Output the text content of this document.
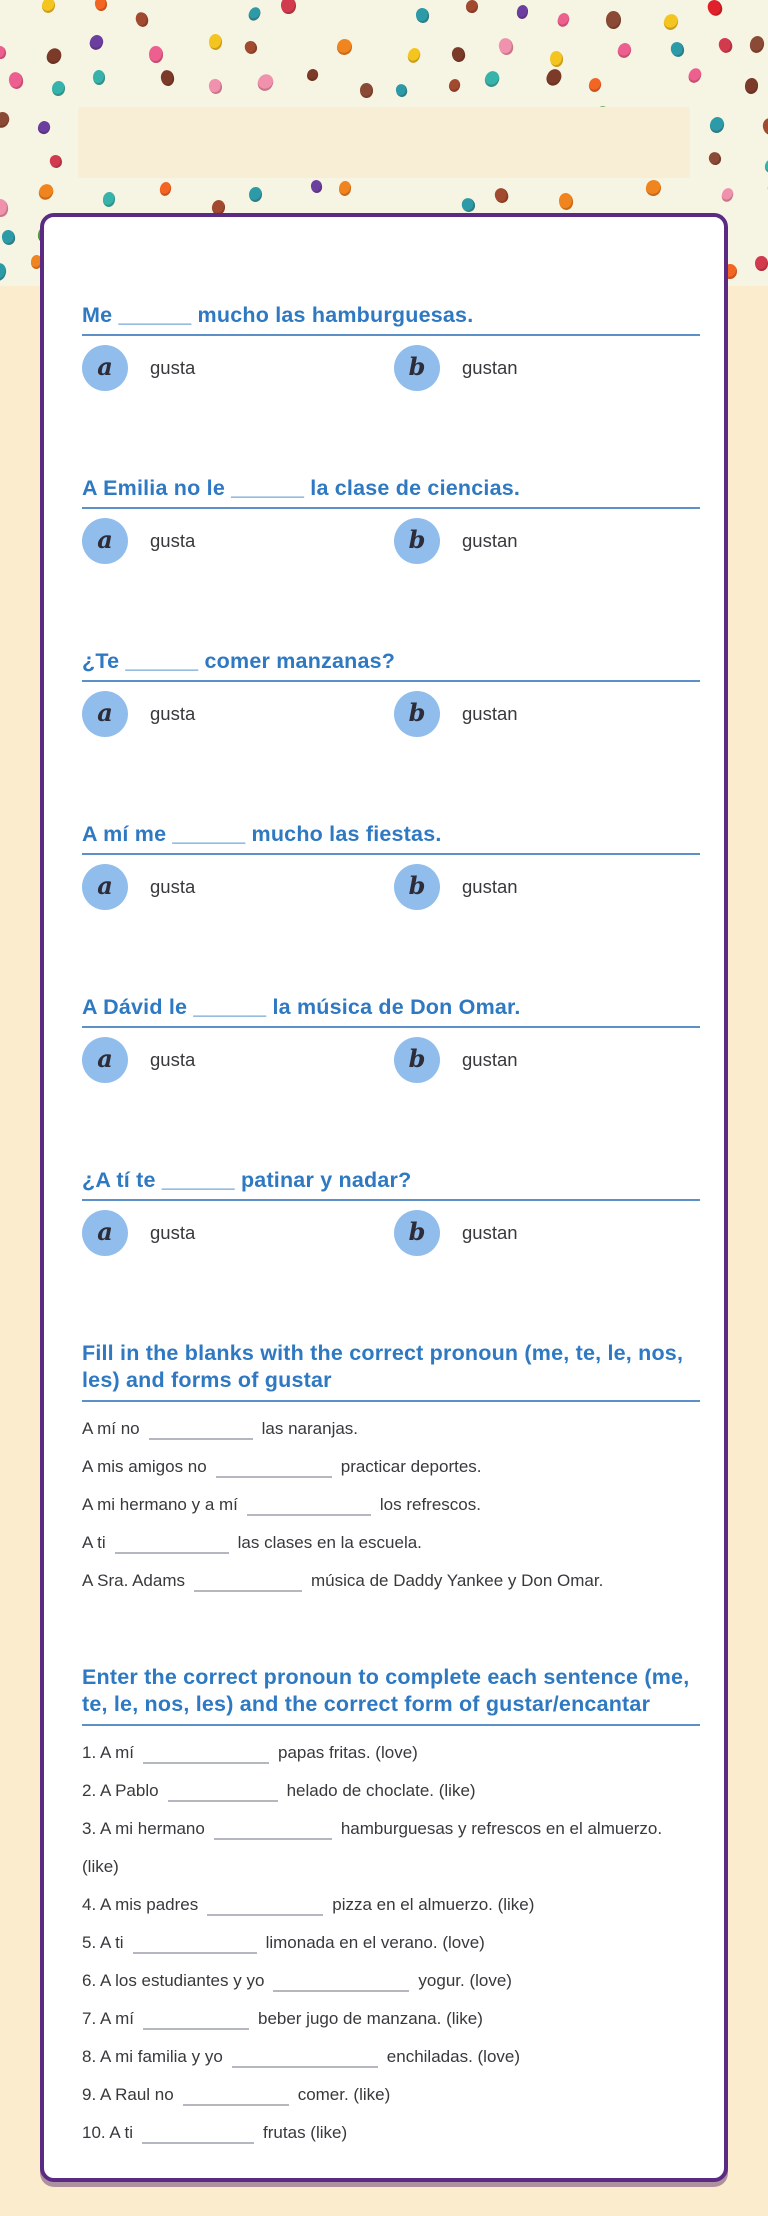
Me ______ mucho las hamburguesas.
a gusta	b gustan
A Emilia no le ______ la clase de ciencias.
a gusta	b gustan
¿Te ______ comer manzanas?
a gusta	b gustan
A mí me ______ mucho las fiestas.
a gusta	b gustan
A Dávid le ______ la música de Don Omar.
a gusta	b gustan
¿A tí te ______ patinar y nadar?
a gusta	b gustan
Fill in the blanks with the correct pronoun (me, te, le, nos, les) and forms of gustar
A mí no	las naranjas.
A mis amigos no	practicar deportes.
A mi hermano y a mí	los refrescos.
A ti	las clases en la escuela.
A Sra. Adams	música de Daddy Yankee y Don Omar.
Enter the correct pronoun to complete each sentence (me, te, le, nos, les) and the correct form of gustar/encantar
1. A mí	papas fritas. (love)
2. A Pablo	helado de choclate. (like)
3. A mi hermano	hamburguesas y refrescos en el almuerzo.
(like)
4. A mis padres	pizza en el almuerzo. (like)
5. A ti	limonada en el verano. (love)
6. A los estudiantes y yo	yogur. (love)
7. A mí	beber jugo de manzana. (like)
8. A mi familia y yo	enchiladas. (love)
9. A Raul no	comer. (like)
10. A ti	frutas (like)
